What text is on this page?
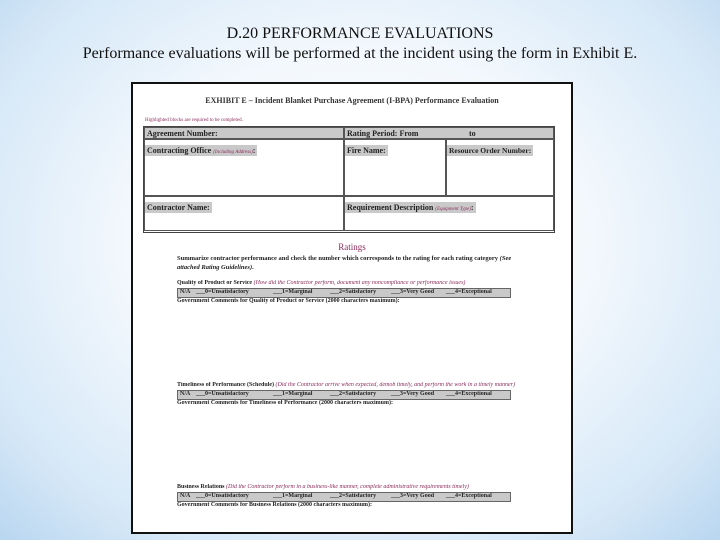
D.20 PERFORMANCE EVALUATIONS
Performance evaluations will be performed at the incident using the form in Exhibit E.
EXHIBIT E – Incident Blanket Purchase Agreement (I-BPA) Performance Evaluation
Highlighted blocks are required to be completed.
Agreement Number:	Rating Period: From	to
Contracting Office (Including Address):	Fire Name:	Resource Order Number:
Contractor Name:	Requirement Description (Equipment Type):
Ratings
Summarize contractor performance and check the number which corresponds to the rating for each rating category (See attached Rating Guidelines).
Quality of Product or Service (How did the Contractor perform, document any noncompliance or performance issues)
N/A ___0=Unsatisfactory	___1=Marginal	___2=Satisfactory ___3=Very Good ___4=Exceptional
Government Comments for Quality of Product or Service (2000 characters maximum):
Timeliness of Performance (Schedule) (Did the Contractor arrive when expected, demob timely, and perform the work in a timely manner)
N/A ___0=Unsatisfactory	___1=Marginal	___2=Satisfactory ___3=Very Good ___4=Exceptional
Government Comments for Timeliness of Performance (2000 characters maximum):
Business Relations (Did the Contractor perform in a business-like manner, complete administrative requirements timely)
N/A ___0=Unsatisfactory	___1=Marginal	___2=Satisfactory ___3=Very Good ___4=Exceptional
Government Comments for Business Relations (2000 characters maximum):
